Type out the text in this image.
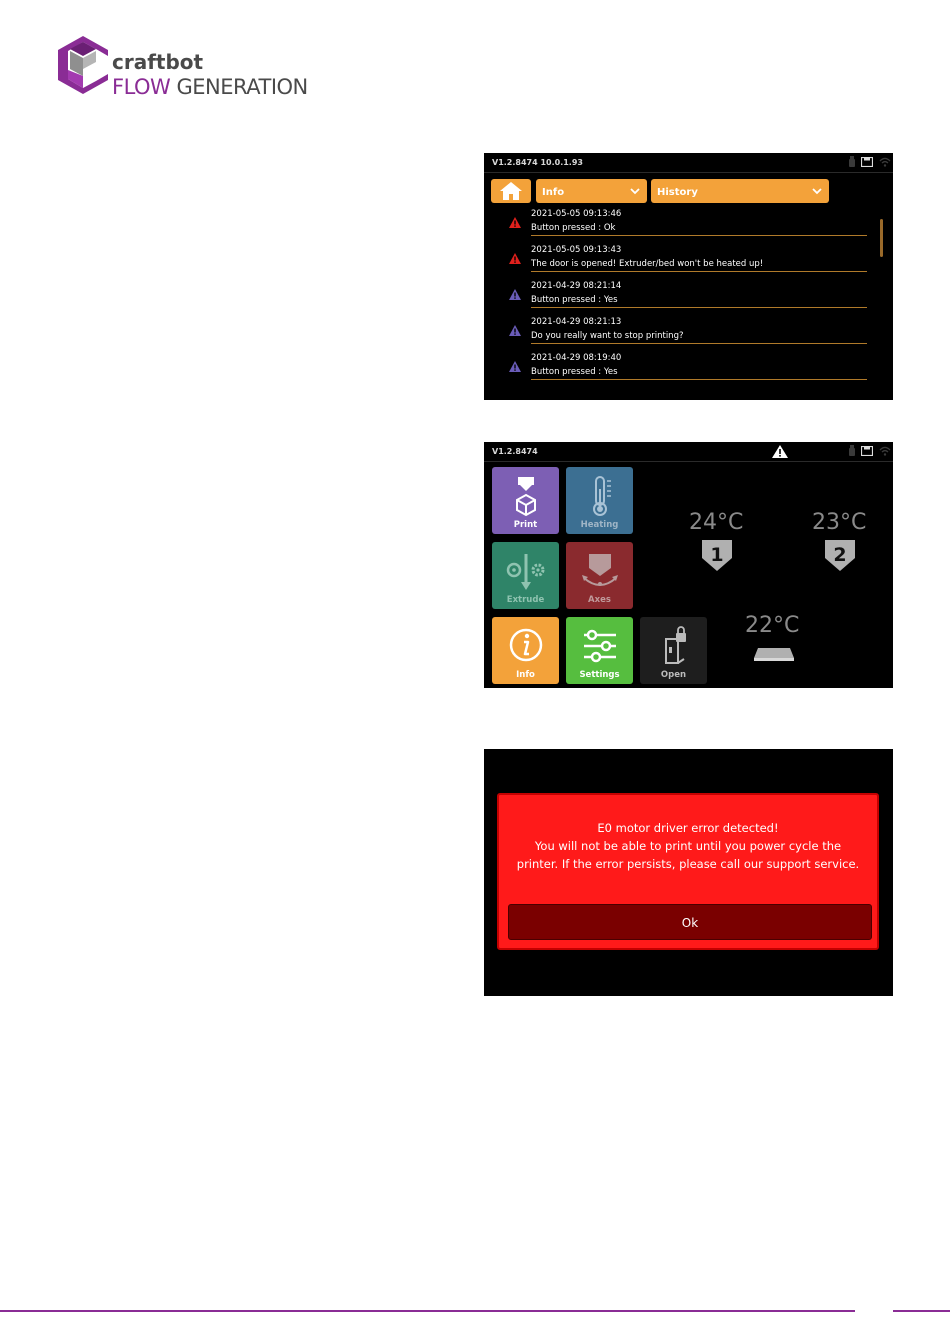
craftbot
FLOW GENERATION
V1.2.8474 10.0.1.93
Info	History
2021-05-05 09:13:46
Button pressed : Ok
2021-05-05 09:13:43
The door is opened! Extruder/bed won't be heated up!
2021-04-29 08:21:14
Button pressed : Yes
2021-04-29 08:21:13
Do you really want to stop printing?
2021-04-29 08:19:40
Button pressed : Yes
V1.2.8474
Print	Heating
Extrude	Axes
Info	Settings	Open
24°C
1
23°C
2
22°C
E0 motor driver error detected!
You will not be able to print until you power cycle the
printer. If the error persists, please call our support service.
Ok
